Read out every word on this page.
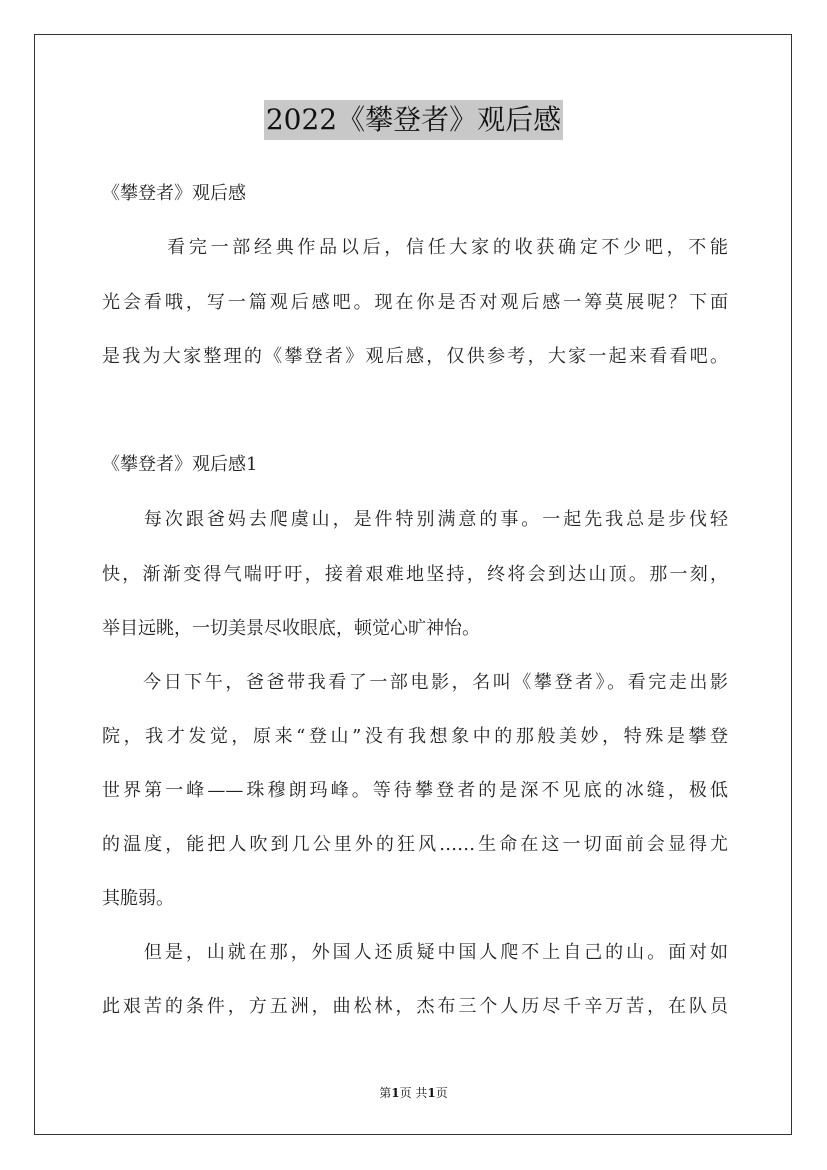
2022《攀登者》观后感
《攀登者》观后感
　　　看完一部经典作品以后，信任大家的收获确定不少吧，不能
光会看哦，写一篇观后感吧。现在你是否对观后感一筹莫展呢？下面
是我为大家整理的《攀登者》观后感，仅供参考，大家一起来看看吧。
《攀登者》观后感1
　　每次跟爸妈去爬虞山，是件特别满意的事。一起先我总是步伐轻
快，渐渐变得气喘吁吁，接着艰难地坚持，终将会到达山顶。那一刻，
举目远眺，一切美景尽收眼底，顿觉心旷神怡。
　　今日下午，爸爸带我看了一部电影，名叫《攀登者》。看完走出影
院，我才发觉，原来“登山”没有我想象中的那般美妙，特殊是攀登
世界第一峰——珠穆朗玛峰。等待攀登者的是深不见底的冰缝，极低
的温度，能把人吹到几公里外的狂风……生命在这一切面前会显得尤
其脆弱。
　　但是，山就在那，外国人还质疑中国人爬不上自己的山。面对如
此艰苦的条件，方五洲，曲松林，杰布三个人历尽千辛万苦，在队员
第1页 共1页
